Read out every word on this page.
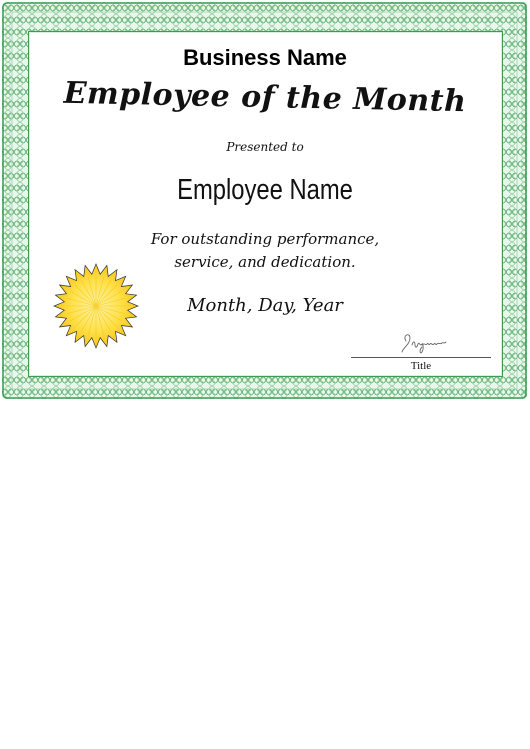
Business Name
Employee of the Month
Presented to
Employee Name
For outstanding performance,
service, and dedication.
Month, Day, Year
Title
